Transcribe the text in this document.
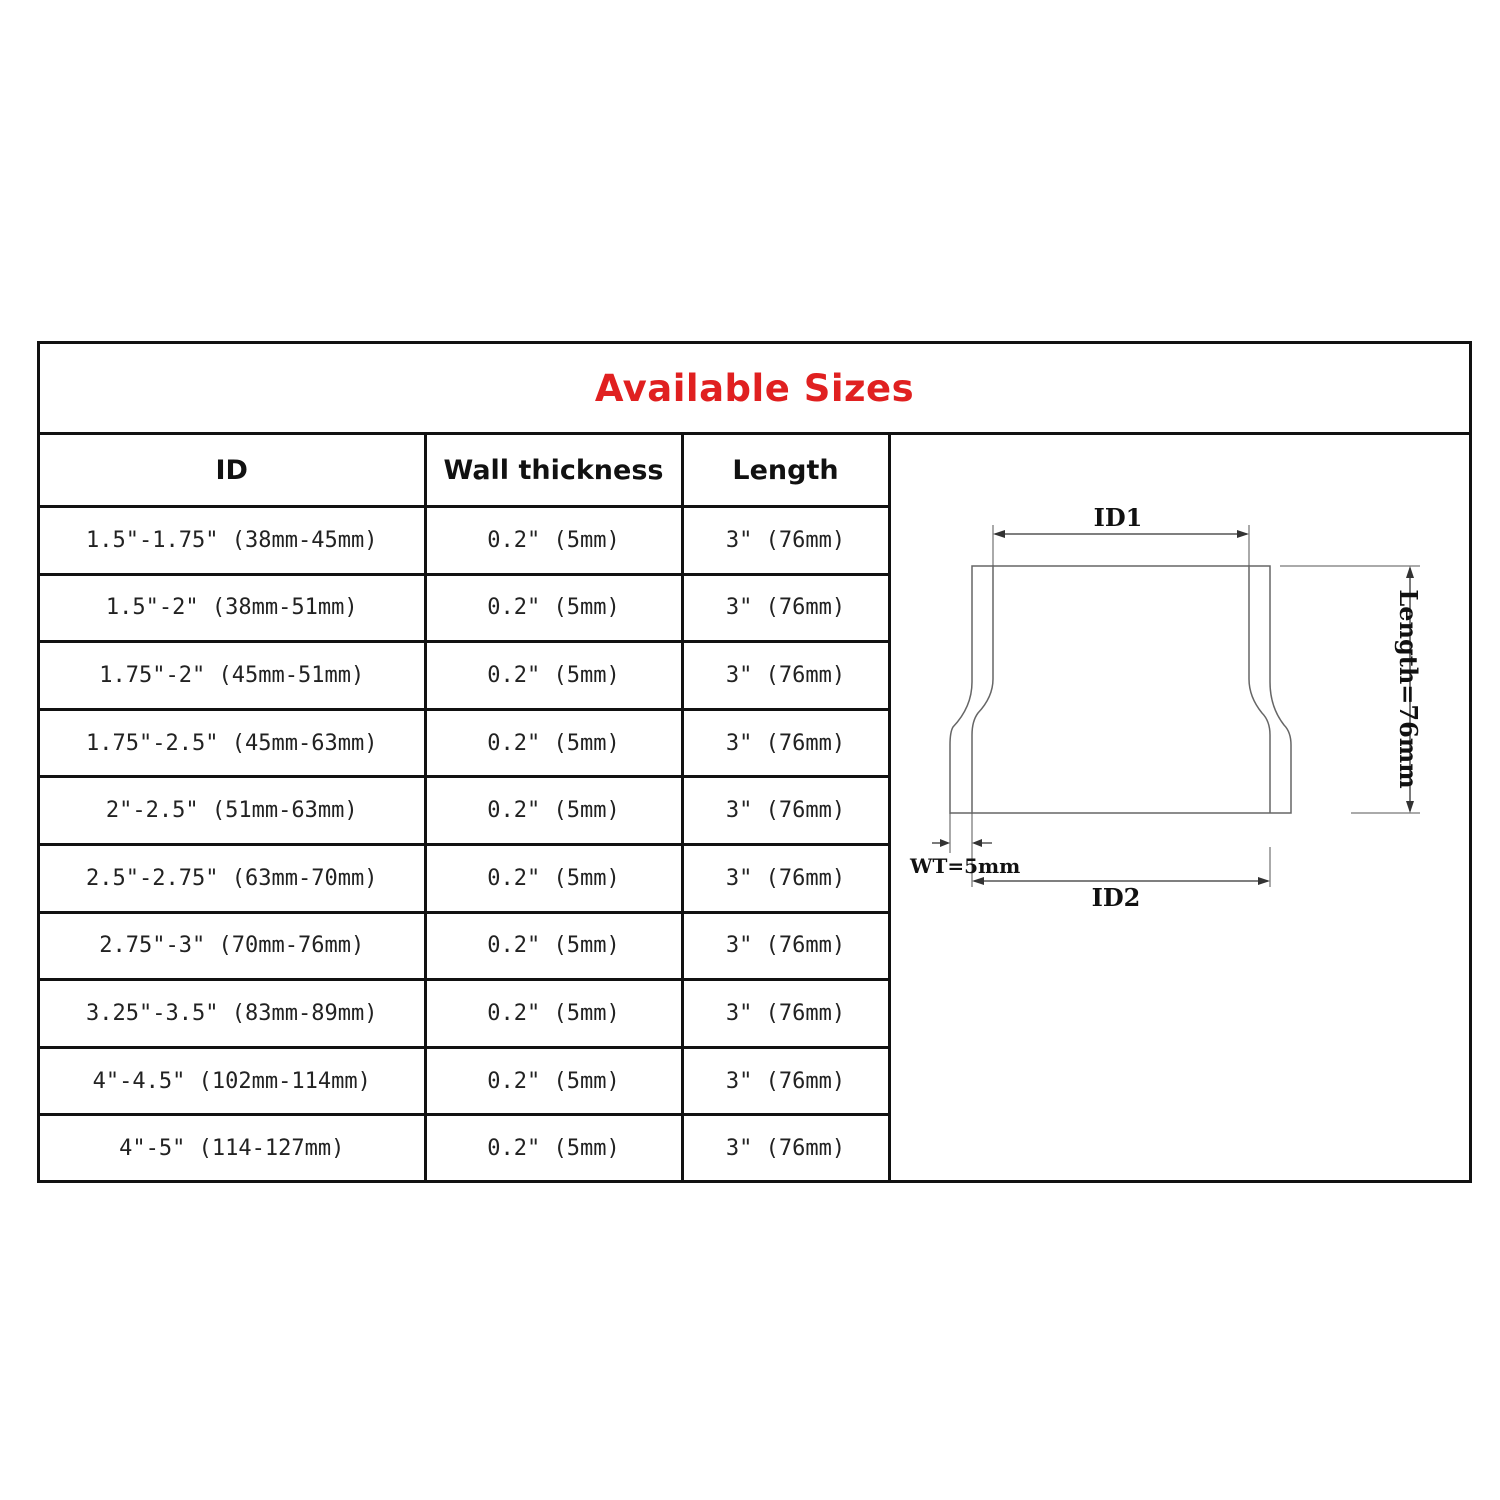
Available Sizes
ID	Wall thickness	Length
1.5"-1.75" (38mm-45mm)	0.2" (5mm)	3" (76mm)
1.5"-2" (38mm-51mm)	0.2" (5mm)	3" (76mm)
1.75"-2" (45mm-51mm)	0.2" (5mm)	3" (76mm)
1.75"-2.5" (45mm-63mm)	0.2" (5mm)	3" (76mm)
2"-2.5" (51mm-63mm)	0.2" (5mm)	3" (76mm)
2.5"-2.75" (63mm-70mm)	0.2" (5mm)	3" (76mm)
2.75"-3" (70mm-76mm)	0.2" (5mm)	3" (76mm)
3.25"-3.5" (83mm-89mm)	0.2" (5mm)	3" (76mm)
4"-4.5" (102mm-114mm)	0.2" (5mm)	3" (76mm)
4"-5" (114-127mm)	0.2" (5mm)	3" (76mm)
ID1
Length=76mm
WT=5mm
ID2
